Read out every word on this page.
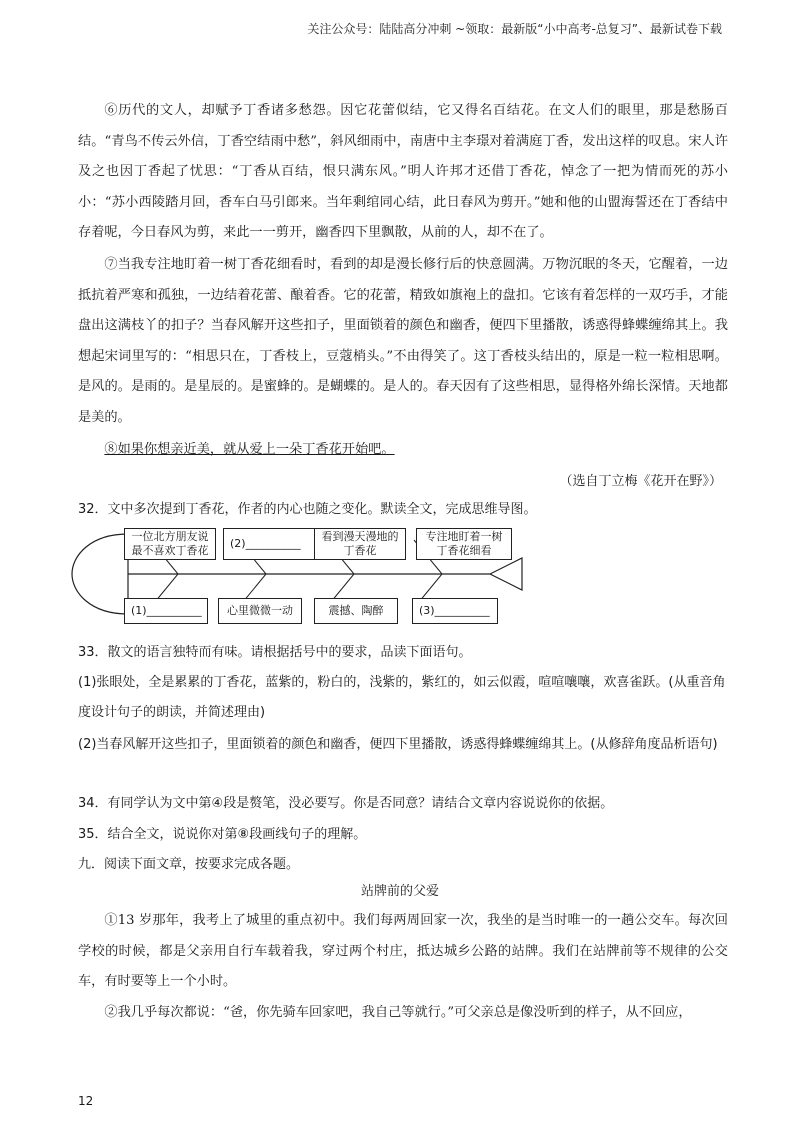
关注公众号：陆陆高分冲刺 ~领取：最新版“小中高考-总复习”、最新试卷下载

⑥历代的文人，却赋予丁香诸多愁怨。因它花蕾似结，它又得名百结花。在文人们的眼里，那是愁肠百结。“青鸟不传云外信，丁香空结雨中愁”，斜风细雨中，南唐中主李璟对着满庭丁香，发出这样的叹息。宋人许及之也因丁香起了忧思：“丁香从百结，恨只满东风。”明人许邦才还借丁香花，悼念了一把为情而死的苏小小：“苏小西陵踏月回，香车白马引郎来。当年剩绾同心结，此日春风为剪开。”她和他的山盟海誓还在丁香结中存着呢，今日春风为剪，来此一一剪开，幽香四下里飘散，从前的人，却不在了。

⑦当我专注地盯着一树丁香花细看时，看到的却是漫长修行后的快意圆满。万物沉眠的冬天，它醒着，一边抵抗着严寒和孤独，一边结着花蕾、酿着香。它的花蕾，精致如旗袍上的盘扣。它该有着怎样的一双巧手，才能盘出这满枝丫的扣子？当春风解开这些扣子，里面锁着的颜色和幽香，便四下里播散，诱惑得蜂蝶缠绵其上。我想起宋词里写的：“相思只在，丁香枝上，豆蔻梢头。”不由得笑了。这丁香枝头结出的，原是一粒一粒相思啊。是风的。是雨的。是星辰的。是蜜蜂的。是蝴蝶的。是人的。春天因有了这些相思，显得格外绵长深情。天地都是美的。

⑧如果你想亲近美，就从爱上一朵丁香花开始吧。

（选自丁立梅《花开在野》）

32．文中多次提到丁香花，作者的内心也随之变化。默读全文，完成思维导图。

一位北方朋友说
最不喜欢丁香花
(2)__________
看到漫天漫地的
丁香花
专注地盯着一树
丁香花细看
(1)__________	心里微微一动	震撼、陶醉	(3)__________

33．散文的语言独特而有味。请根据括号中的要求，品读下面语句。

(1)张眼处，全是累累的丁香花，蓝紫的，粉白的，浅紫的，紫红的，如云似霞，喧喧嚷嚷，欢喜雀跃。(从重音角度设计句子的朗读，并简述理由)

(2)当春风解开这些扣子，里面锁着的颜色和幽香，便四下里播散，诱惑得蜂蝶缠绵其上。(从修辞角度品析语句)

34．有同学认为文中第④段是赘笔，没必要写。你是否同意？请结合文章内容说说你的依据。

35．结合全文，说说你对第⑧段画线句子的理解。

九．阅读下面文章，按要求完成各题。

站牌前的父爱

①13 岁那年，我考上了城里的重点初中。我们每两周回家一次，我坐的是当时唯一的一趟公交车。每次回学校的时候，都是父亲用自行车载着我，穿过两个村庄，抵达城乡公路的站牌。我们在站牌前等不规律的公交车，有时要等上一个小时。

②我几乎每次都说：“爸，你先骑车回家吧，我自己等就行。”可父亲总是像没听到的样子，从不回应，

12
